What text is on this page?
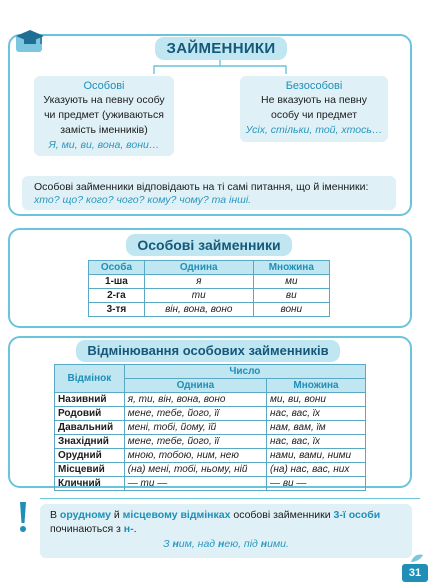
ЗАЙМЕННИКИ
Особові
Указують на певну особу
чи предмет (уживаються
замість іменників)
Я, ми, ви, вона, вони…
Безособові
Не вказують на певну
особу чи предмет
Усіх, стільки, той, хтось…
Особові займенники відповідають на ті самі питання, що й іменники:
хто? що? кого? чого? кому? чому? та інші.
Особові займенники
Особа	Однина	Множина
1-ша	я	ми
2-га	ти	ви
3-тя	він, вона, воно	вони
Відмінювання особових займенників
Відмінок	Число	
	Однина	Множина
Називний	я, ти, він, вона, воно	ми, ви, вони
Родовий	мене, тебе, його, її	нас, вас, їх
Давальний	мені, тобі, йому, їй	нам, вам, їм
Знахідний	мене, тебе, його, її	нас, вас, їх
Орудний	мною, тобою, ним, нею	нами, вами, ними
Місцевий	(на) мені, тобі, ньому, ній	(на) нас, вас, них
Кличний	— ти —	— ви —
В орудному й місцевому відмінках особові займенники 3-ї особи починаються з н-.
З ним, над нею, під ними.
31
